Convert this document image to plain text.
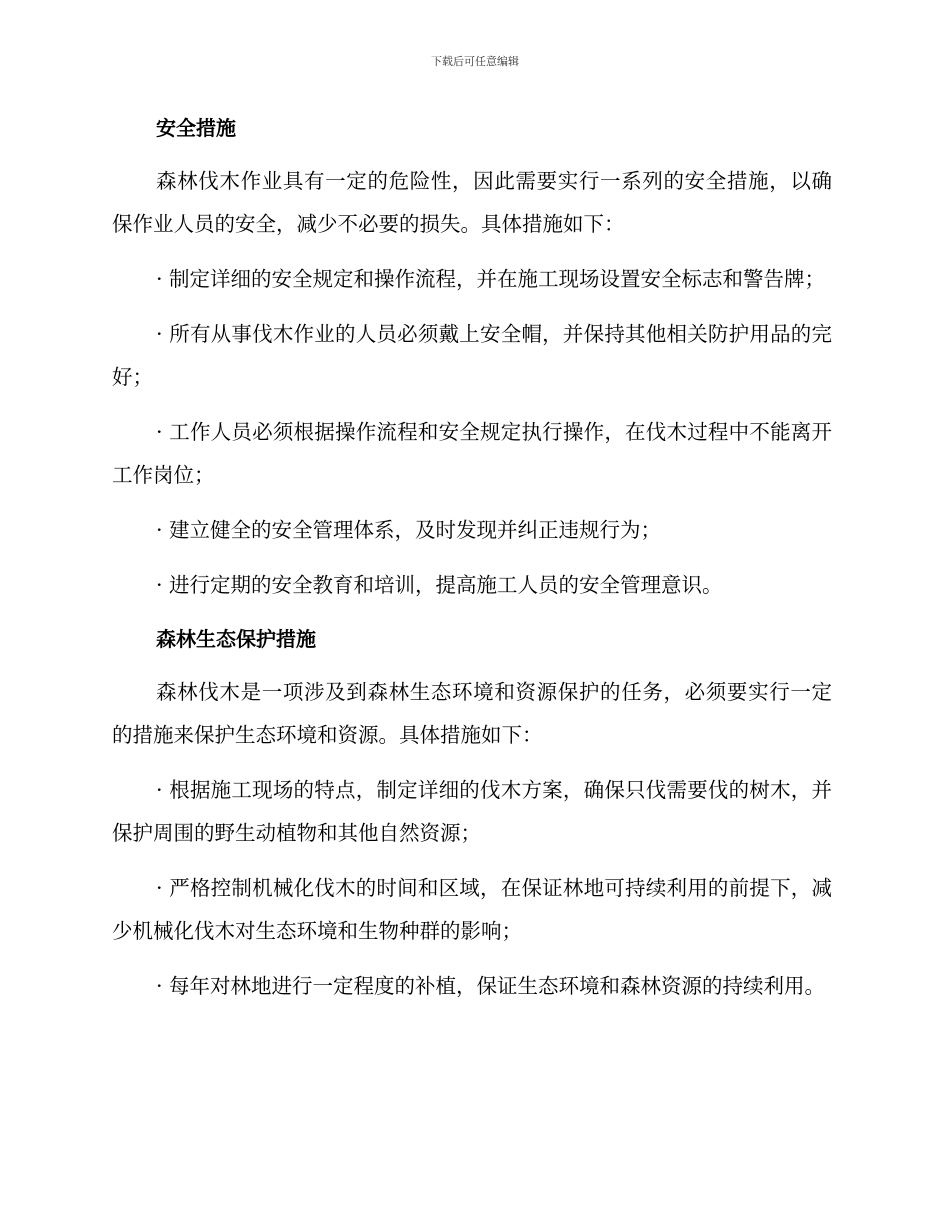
下载后可任意编辑
安全措施

森林伐木作业具有一定的危险性，因此需要实行一系列的安全措施，以确保作业人员的安全，减少不必要的损失。具体措施如下：

· 制定详细的安全规定和操作流程，并在施工现场设置安全标志和警告牌；

· 所有从事伐木作业的人员必须戴上安全帽，并保持其他相关防护用品的完好；

· 工作人员必须根据操作流程和安全规定执行操作，在伐木过程中不能离开工作岗位；

· 建立健全的安全管理体系，及时发现并纠正违规行为；

· 进行定期的安全教育和培训，提高施工人员的安全管理意识。

森林生态保护措施

森林伐木是一项涉及到森林生态环境和资源保护的任务，必须要实行一定的措施来保护生态环境和资源。具体措施如下：

· 根据施工现场的特点，制定详细的伐木方案，确保只伐需要伐的树木，并保护周围的野生动植物和其他自然资源；

· 严格控制机械化伐木的时间和区域，在保证林地可持续利用的前提下，减少机械化伐木对生态环境和生物种群的影响；

· 每年对林地进行一定程度的补植，保证生态环境和森林资源的持续利用。
